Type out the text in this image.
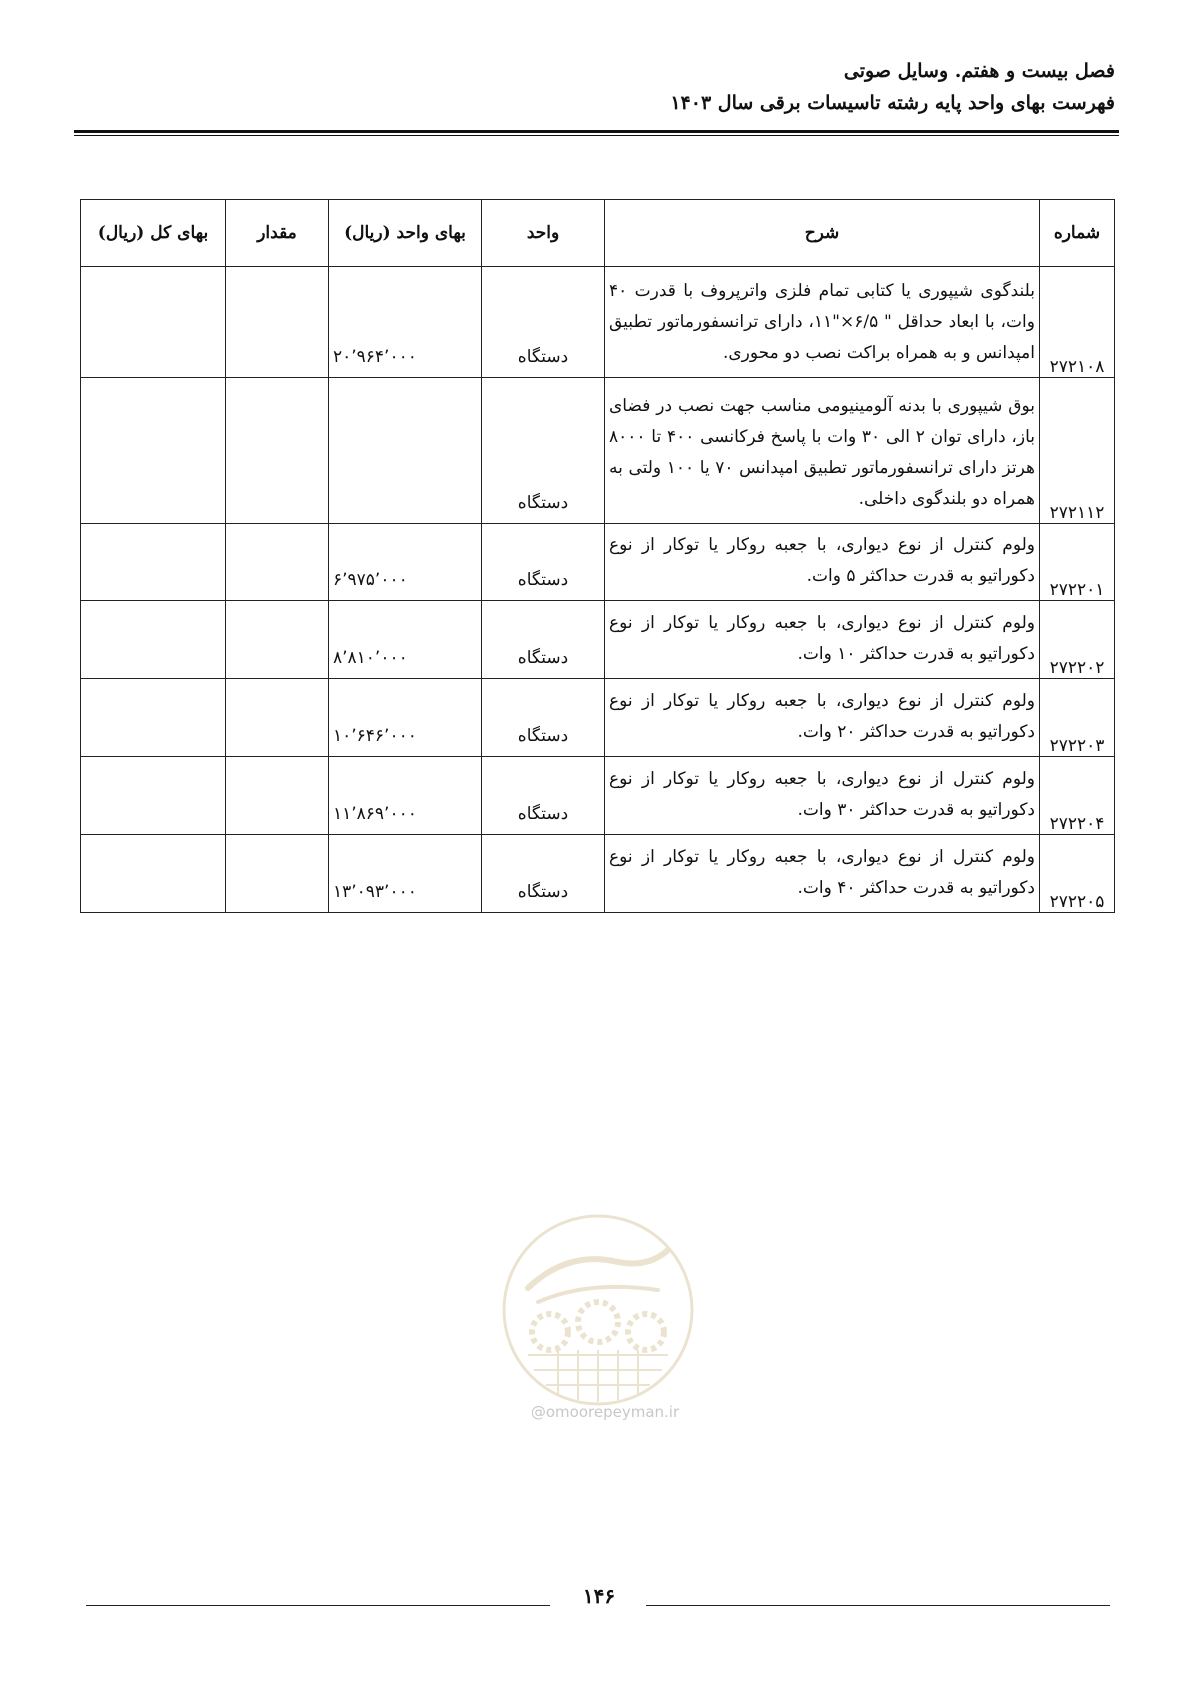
فصل بیست و هفتم. وسایل صوتی
فهرست بهای واحد پایه رشته تاسیسات برقی سال ۱۴۰۳
شماره	شرح	واحد	بهای واحد (ریال)	مقدار	بهای کل (ریال)
۲۷۲۱۰۸	بلندگوی شیپوری یا کتابی تمام فلزی واترپروف با قدرت ۴۰ وات، با ابعاد حداقل " ۶/۵×"۱۱، دارای ترانسفورماتور تطبیق امپدانس و به همراه براکت نصب دو محوری.	دستگاه	۲۰٬۹۶۴٬۰۰۰		
۲۷۲۱۱۲	بوق شیپوری با بدنه آلومینیومی مناسب جهت نصب در فضای باز، دارای توان ۲ الی ۳۰ وات با پاسخ فرکانسی ۴۰۰ تا ۸۰۰۰ هرتز دارای ترانسفورماتور تطبیق امپدانس ۷۰ یا ۱۰۰ ولتی به همراه دو بلندگوی داخلی.	دستگاه			
۲۷۲۲۰۱	ولوم کنترل از نوع دیواری، با جعبه روکار یا توکار از نوع دکوراتیو به قدرت حداکثر ۵ وات.	دستگاه	۶٬۹۷۵٬۰۰۰		
۲۷۲۲۰۲	ولوم کنترل از نوع دیواری، با جعبه روکار یا توکار از نوع دکوراتیو به قدرت حداکثر ۱۰ وات.	دستگاه	۸٬۸۱۰٬۰۰۰		
۲۷۲۲۰۳	ولوم کنترل از نوع دیواری، با جعبه روکار یا توکار از نوع دکوراتیو به قدرت حداکثر ۲۰ وات.	دستگاه	۱۰٬۶۴۶٬۰۰۰		
۲۷۲۲۰۴	ولوم کنترل از نوع دیواری، با جعبه روکار یا توکار از نوع دکوراتیو به قدرت حداکثر ۳۰ وات.	دستگاه	۱۱٬۸۶۹٬۰۰۰		
۲۷۲۲۰۵	ولوم کنترل از نوع دیواری، با جعبه روکار یا توکار از نوع دکوراتیو به قدرت حداکثر ۴۰ وات.	دستگاه	۱۳٬۰۹۳٬۰۰۰		
@omoorepeyman.ir
۱۴۶
